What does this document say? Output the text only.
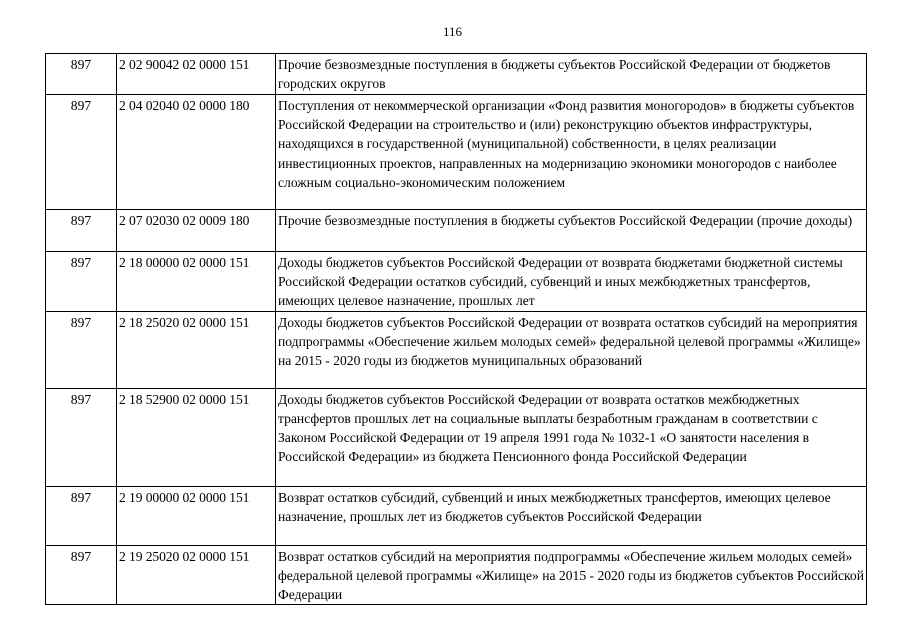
116
897	2 02 90042 02 0000 151	Прочие безвозмездные поступления в бюджеты субъектов Российской Федерации от бюджетов городских округов
897	2 04 02040 02 0000 180	Поступления от некоммерческой организации «Фонд развития моногородов» в бюджеты субъектов Российской Федерации на строительство и (или) реконструкцию объектов инфраструктуры, находящихся в государственной (муниципальной) собственности, в целях реализации инвестиционных проектов, направленных на модернизацию экономики моногородов с наиболее сложным социально-экономическим положением
897	2 07 02030 02 0009 180	Прочие безвозмездные поступления в бюджеты субъектов Российской Федерации (прочие доходы)
897	2 18 00000 02 0000 151	Доходы бюджетов субъектов Российской Федерации от возврата бюджетами бюджетной системы Российской Федерации остатков субсидий, субвенций и иных межбюджетных трансфертов, имеющих целевое назначение, прошлых лет
897	2 18 25020 02 0000 151	Доходы бюджетов субъектов Российской Федерации от возврата остатков субсидий на мероприятия подпрограммы «Обеспечение жильем молодых семей» федеральной целевой программы «Жилище» на 2015 - 2020 годы из бюджетов муниципальных образований
897	2 18 52900 02 0000 151	Доходы бюджетов субъектов Российской Федерации от возврата остатков межбюджетных трансфертов прошлых лет на социальные выплаты безработным гражданам в соответствии с Законом Российской Федерации от 19 апреля 1991 года № 1032-1 «О занятости населения в Российской Федерации» из бюджета Пенсионного фонда Российской Федерации
897	2 19 00000 02 0000 151	Возврат остатков субсидий, субвенций и иных межбюджетных трансфертов, имеющих целевое назначение, прошлых лет из бюджетов субъектов Российской Федерации
897	2 19 25020 02 0000 151	Возврат остатков субсидий на мероприятия подпрограммы «Обеспечение жильем молодых семей» федеральной целевой программы «Жилище» на 2015 - 2020 годы из бюджетов субъектов Российской Федерации
